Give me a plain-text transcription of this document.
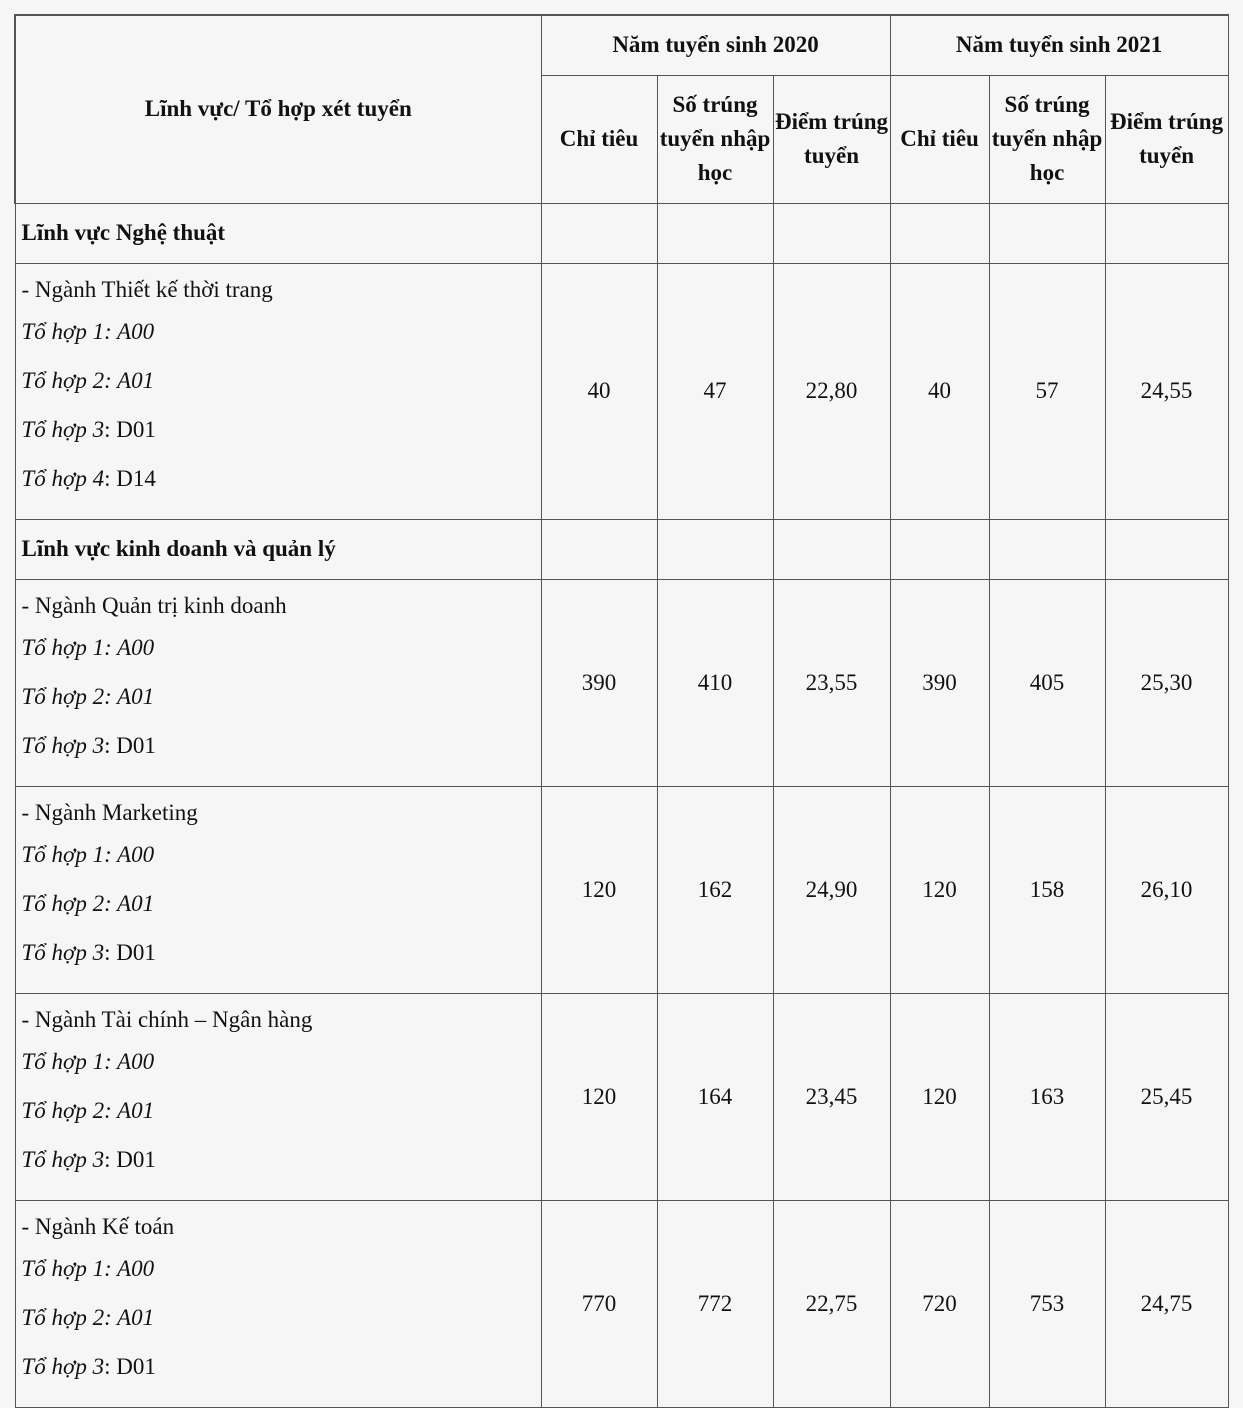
Lĩnh vực/ Tổ hợp xét tuyển	Năm tuyển sinh 2020			Năm tuyển sinh 2021		
	Chỉ tiêu	Số trúng tuyển nhập học	Điểm trúng tuyển	Chỉ tiêu	Số trúng tuyển nhập học	Điểm trúng tuyển
Lĩnh vực Nghệ thuật						

- Ngành Thiết kế thời trang
Tổ hợp 1: A00
Tổ hợp 2: A01
Tổ hợp 3: D01
Tổ hợp 4: D14	40	47	22,80	40	57	24,55
Lĩnh vực kinh doanh và quản lý						

- Ngành Quản trị kinh doanh
Tổ hợp 1: A00
Tổ hợp 2: A01
Tổ hợp 3: D01	390	410	23,55	390	405	25,30

- Ngành Marketing
Tổ hợp 1: A00
Tổ hợp 2: A01
Tổ hợp 3: D01	120	162	24,90	120	158	26,10

- Ngành Tài chính – Ngân hàng
Tổ hợp 1: A00
Tổ hợp 2: A01
Tổ hợp 3: D01	120	164	23,45	120	163	25,45

- Ngành Kế toán
Tổ hợp 1: A00
Tổ hợp 2: A01
Tổ hợp 3: D01	770	772	22,75	720	753	24,75
